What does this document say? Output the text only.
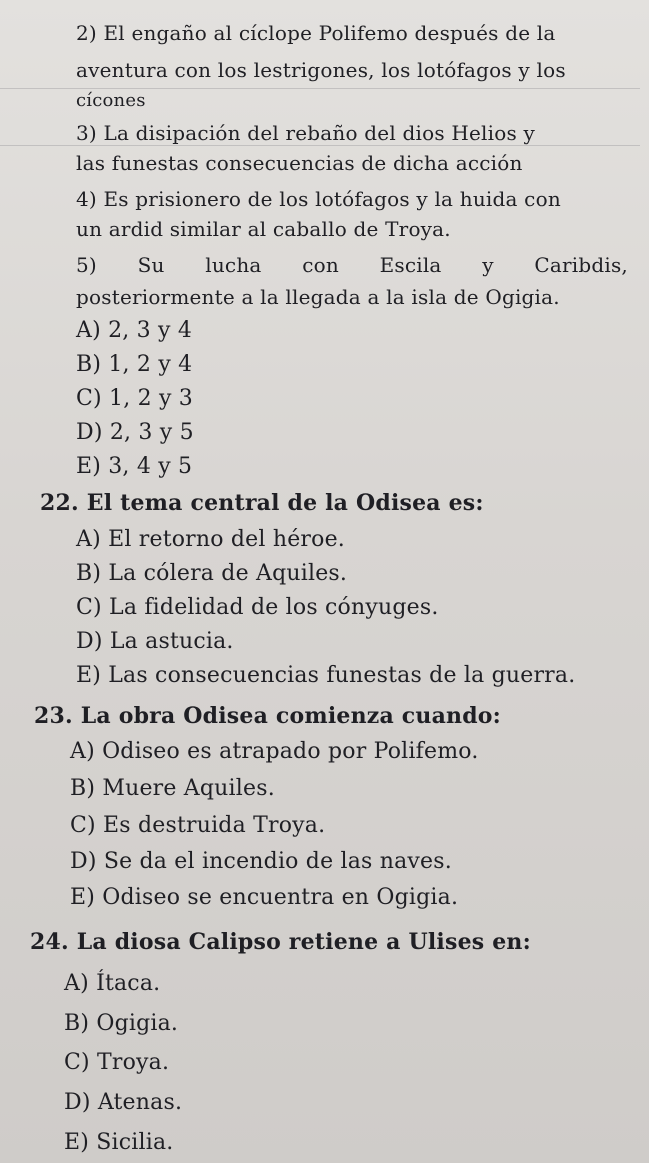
2) El engaño al cíclope Polifemo después de la
aventura con los lestrigones, los lotófagos y los
cícones
3) La disipación del rebaño del dios Helios y
las funestas consecuencias de dicha acción
4) Es prisionero de los lotófagos y la huida con
un ardid similar al caballo de Troya.
5) Su lucha con Escila y Caribdis,
posteriormente a la llegada a la isla de Ogigia.
A) 2, 3 y 4
B) 1, 2 y 4
C) 1, 2 y 3
D) 2, 3 y 5
E) 3, 4 y 5
22. El tema central de la Odisea es:
A) El retorno del héroe.
B) La cólera de Aquiles.
C) La fidelidad de los cónyuges.
D) La astucia.
E) Las consecuencias funestas de la guerra.
23. La obra Odisea comienza cuando:
A) Odiseo es atrapado por Polifemo.
B) Muere Aquiles.
C) Es destruida Troya.
D) Se da el incendio de las naves.
E) Odiseo se encuentra en Ogigia.
24. La diosa Calipso retiene a Ulises en:
A) Ítaca.
B) Ogigia.
C) Troya.
D) Atenas.
E) Sicilia.
